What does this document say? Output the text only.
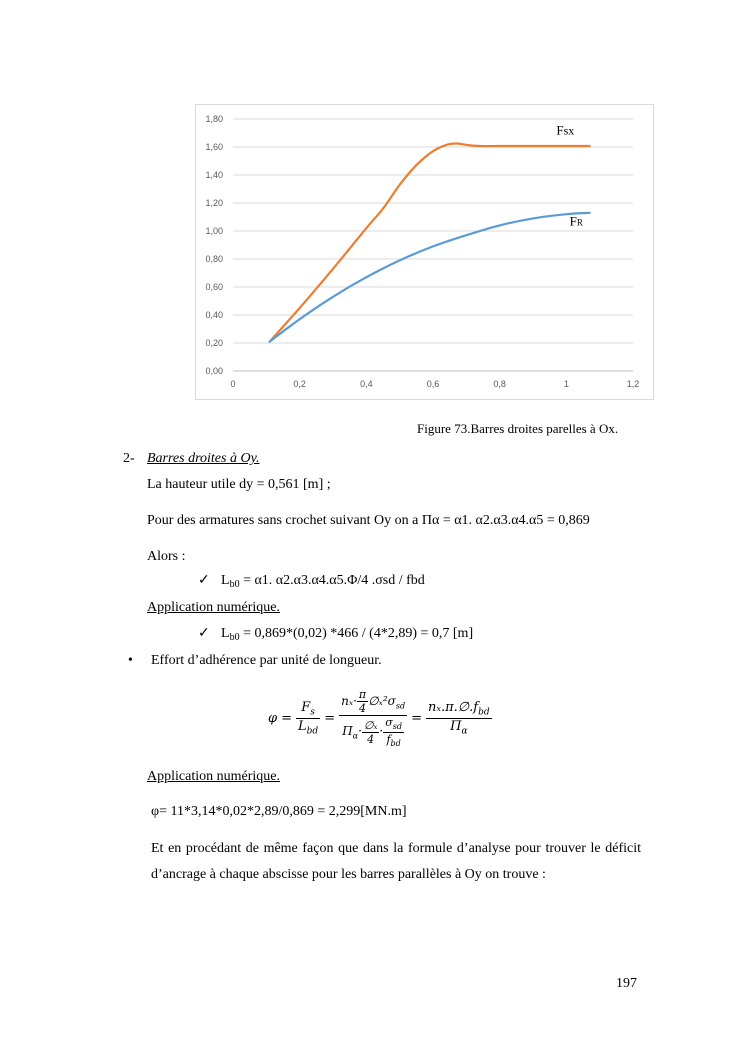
0,00
0,20
0,40
0,60
0,80
1,00
1,20
1,40
1,60
1,80
0	0,2	0,4	0,6	0,8	1	1,2
Fsx
FR
Figure 73.Barres droites parelles à Ox.
2- Barres droites à Oy.
La hauteur utile dy = 0,561 [m] ;
Pour des armatures sans crochet suivant Oy on a Πα = α1. α2.α3.α4.α5 = 0,869
Alors :
✓ $L_{b0} = \alpha 1$. α2.α3.α4.α5.Φ/4 .σsd / fbd
Application numérique.
✓ $L_{b0} = 0,869*(0,02)$ *466 / (4*2,89) = 0,7 [m]
• Effort d’adhérence par unité de longueur.
$\varphi = \frac{F_s}{L_{bd}} = \frac{n_x\cdot \frac{\pi}{4} \emptyset_x^2\sigma_{sd}}{\Pi_\alpha\cdot \frac{\text{∅ₓ}}{4} \cdot \frac{\sigma_{sd}}{f_{bd}}} = \frac{n_x.\pi.\emptyset.f_{bd}}{\Pi_\alpha}$
Application numérique.
φ= 11*3,14*0,02*2,89/0,869 = 2,299[MN.m]
Et en procédant de même façon que dans la formule d’analyse pour trouver le déficit d’ancrage à chaque abscisse pour les barres parallèles à Oy on trouve :
197
